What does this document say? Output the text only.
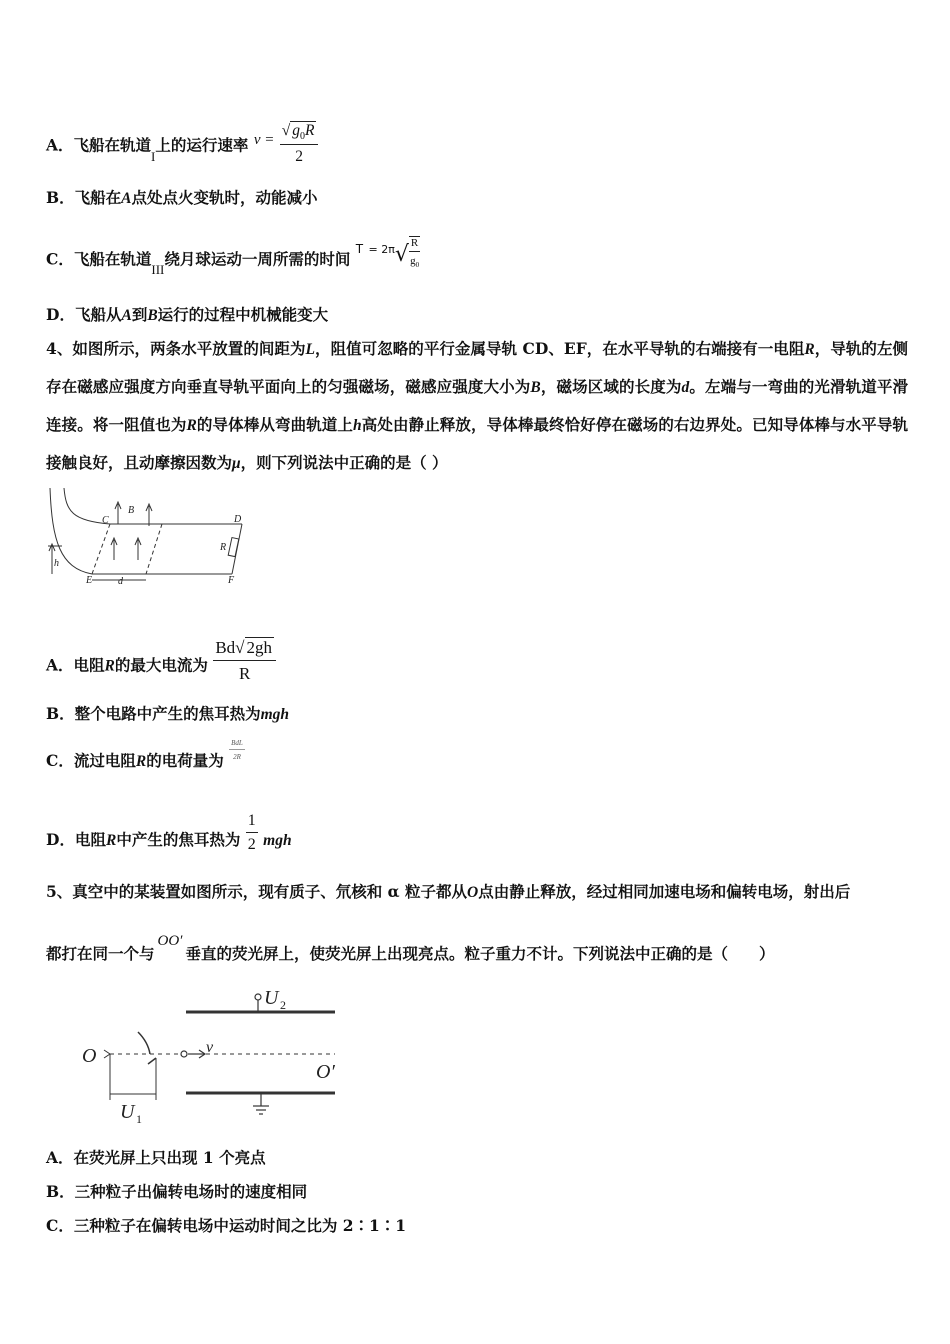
A．飞船在轨道$_I$上的运行速率 $v = \frac{√ g_0R}{2}$
B．飞船在A点处点火变轨时，动能减小
C．飞船在轨道$_{III}$绕月球运动一周所需的时间 $^T$ $^{= 2\pi}√ \frac{R}{g_0}$
D．飞船从A到B运行的过程中机械能变大
4、如图所示，两条水平放置的间距为L，阻值可忽略的平行金属导轨 CD、EF，在水平导轨的右端接有一电阻R，导轨的左侧存在磁感应强度方向垂直导轨平面向上的匀强磁场，磁感应强度大小为B，磁场区域的长度为d。左端与一弯曲的光滑轨道平滑连接。将一阻值也为R的导体棒从弯曲轨道上h高处由静止释放，导体棒最终恰好停在磁场的右边界处。已知导体棒与水平导轨接触良好，且动摩擦因数为μ，则下列说法中正确的是（ ）
C
B
D
R
h
E	d	F
A．电阻R的最大电流为 $\frac{Bd√ 2gh}{R}$
B．整个电路中产生的焦耳热为mgh
C．流过电阻R的电荷量为 $\frac{\text{BdL}}{2R}$
D．电阻R中产生的焦耳热为 $\frac{1}{2}$ mgh
5、真空中的某装置如图所示，现有质子、氘核和 α 粒子都从O点由静止释放，经过相同加速电场和偏转电场，射出后
都打在同一个与OO′垂直的荧光屏上，使荧光屏上出现亮点。粒子重力不计。下列说法中正确的是（　　）
U 2
O	v
O′
U 1
A．在荧光屏上只出现 1 个亮点
B．三种粒子出偏转电场时的速度相同
C．三种粒子在偏转电场中运动时间之比为 2∶1∶1
